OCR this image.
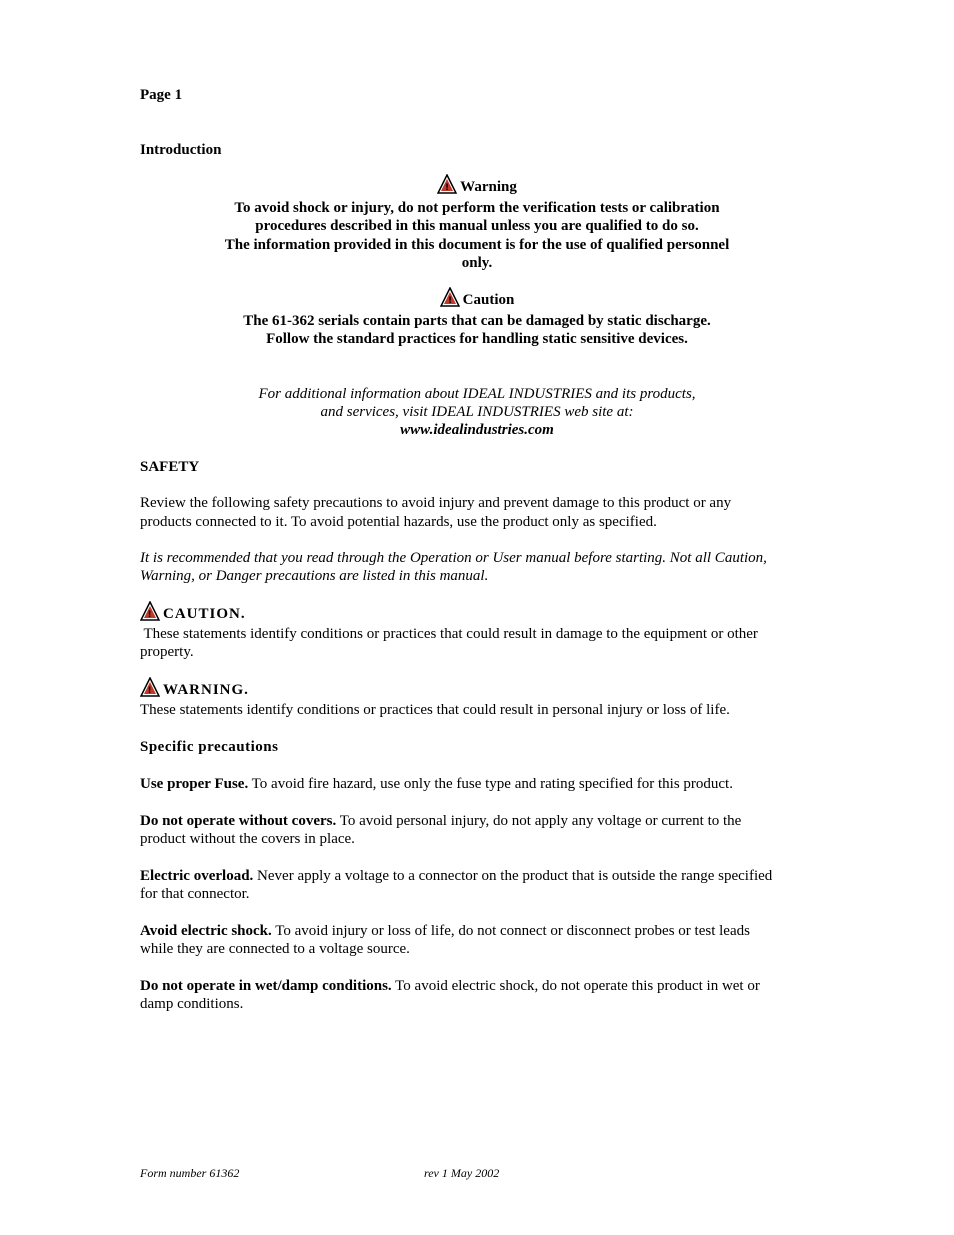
Page 1
Introduction
! Warning
To avoid shock or injury, do not perform the verification tests or calibration
procedures described in this manual unless you are qualified to do so.
The information provided in this document is for the use of qualified personnel
only.
! Caution
The 61-362 serials contain parts that can be damaged by static discharge.
Follow the standard practices for handling static sensitive devices.
For additional information about IDEAL INDUSTRIES and its products,
and services, visit IDEAL INDUSTRIES web site at:
www.idealindustries.com
SAFETY
Review the following safety precautions to avoid injury and prevent damage to this product or any
products connected to it. To avoid potential hazards, use the product only as specified.
It is recommended that you read through the Operation or User manual before starting. Not all Caution,
Warning, or Danger precautions are listed in this manual.
! CAUTION.
These statements identify conditions or practices that could result in damage to the equipment or other
property.
! WARNING.
These statements identify conditions or practices that could result in personal injury or loss of life.
Specific precautions
Use proper Fuse. To avoid fire hazard, use only the fuse type and rating specified for this product.
Do not operate without covers. To avoid personal injury, do not apply any voltage or current to the
product without the covers in place.
Electric overload. Never apply a voltage to a connector on the product that is outside the range specified
for that connector.
Avoid electric shock. To avoid injury or loss of life, do not connect or disconnect probes or test leads
while they are connected to a voltage source.
Do not operate in wet/damp conditions. To avoid electric shock, do not operate this product in wet or
damp conditions.
Form number 61362	rev 1 May 2002
